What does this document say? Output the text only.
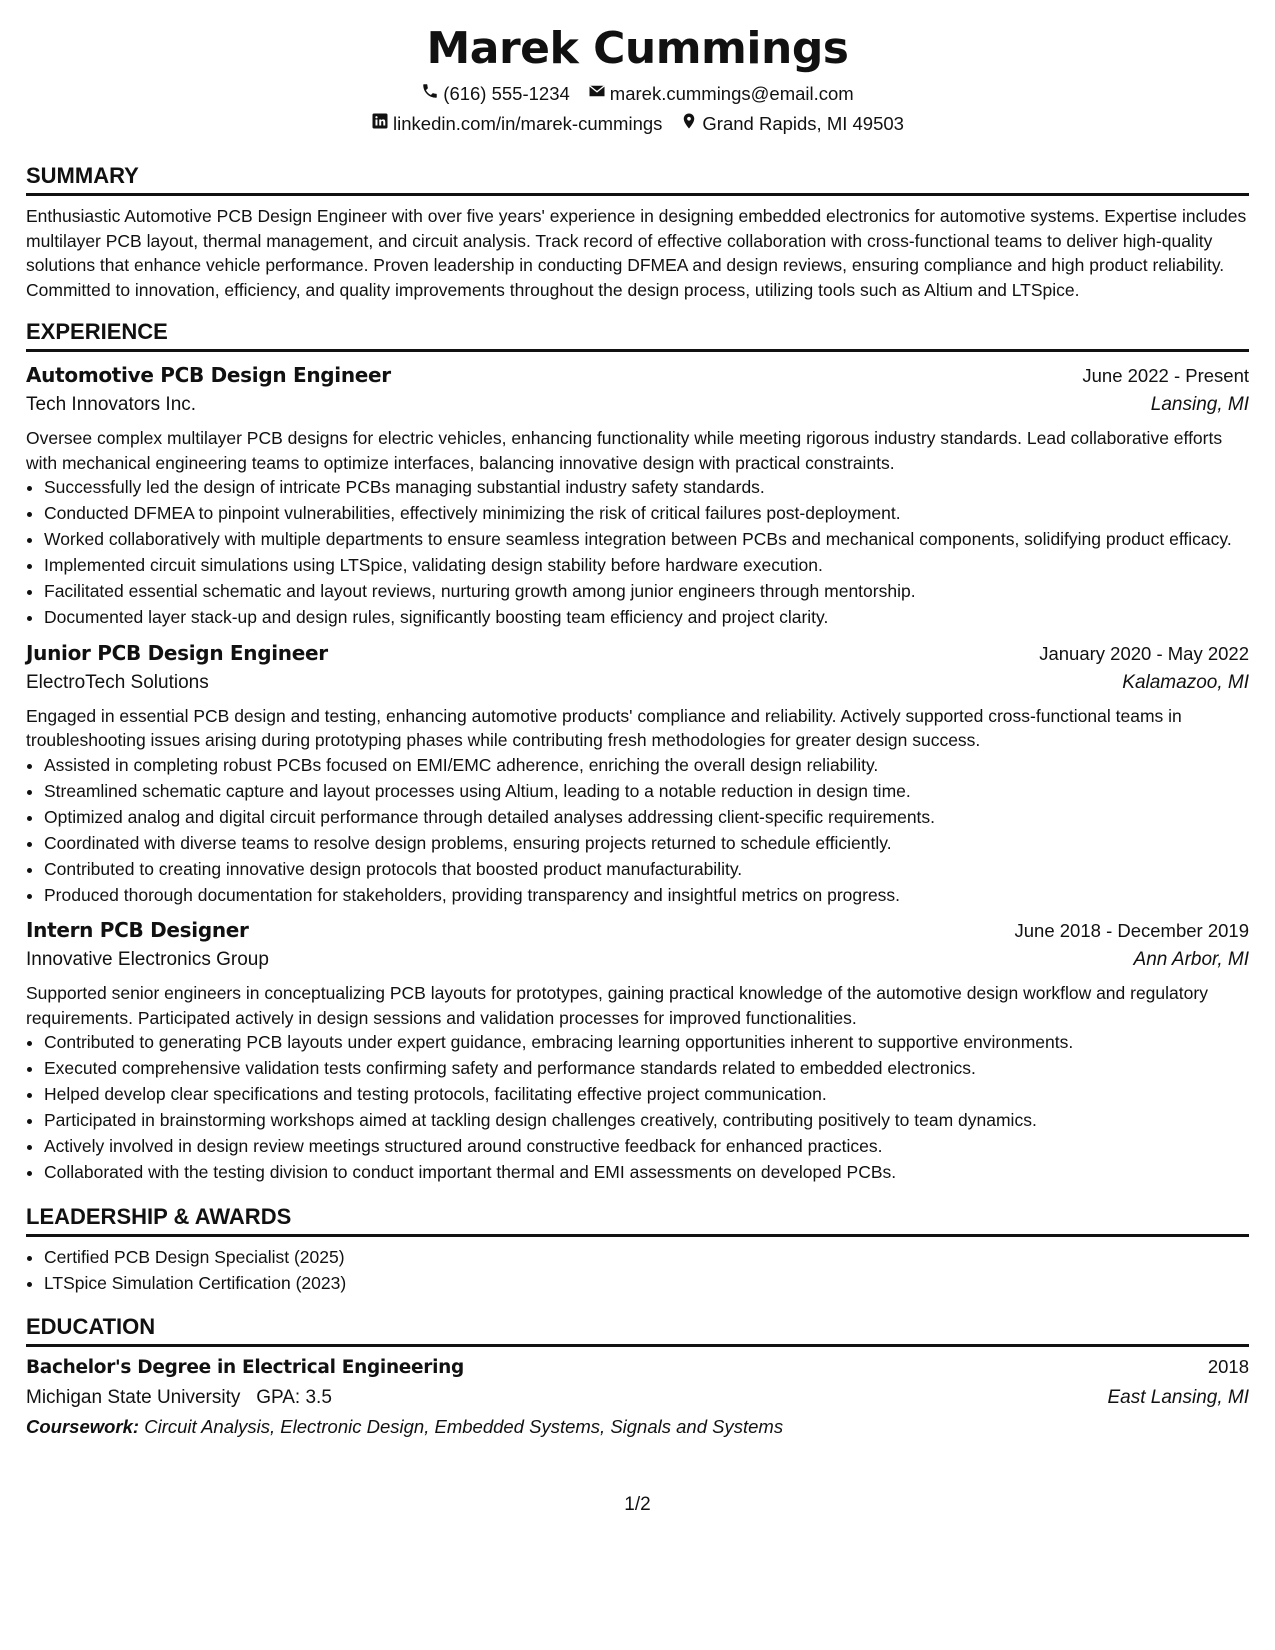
Marek Cummings
(616) 555-1234 marek.cummings@email.com
linkedin.com/in/marek-cummings Grand Rapids, MI 49503
SUMMARY

Enthusiastic Automotive PCB Design Engineer with over five years' experience in designing embedded electronics for automotive systems. Expertise includes multilayer PCB layout, thermal management, and circuit analysis. Track record of effective collaboration with cross-functional teams to deliver high-quality solutions that enhance vehicle performance. Proven leadership in conducting DFMEA and design reviews, ensuring compliance and high product reliability. Committed to innovation, efficiency, and quality improvements throughout the design process, utilizing tools such as Altium and LTSpice.

EXPERIENCE
Automotive PCB Design Engineer	June 2022 - Present
Tech Innovators Inc.	Lansing, MI
Oversee complex multilayer PCB designs for electric vehicles, enhancing functionality while meeting rigorous industry standards. Lead collaborative efforts with mechanical engineering teams to optimize interfaces, balancing innovative design with practical constraints.
• Successfully led the design of intricate PCBs managing substantial industry safety standards.
• Conducted DFMEA to pinpoint vulnerabilities, effectively minimizing the risk of critical failures post-deployment.
• Worked collaboratively with multiple departments to ensure seamless integration between PCBs and mechanical components, solidifying product efficacy.
• Implemented circuit simulations using LTSpice, validating design stability before hardware execution.
• Facilitated essential schematic and layout reviews, nurturing growth among junior engineers through mentorship.
• Documented layer stack-up and design rules, significantly boosting team efficiency and project clarity.
Junior PCB Design Engineer	January 2020 - May 2022
ElectroTech Solutions	Kalamazoo, MI
Engaged in essential PCB design and testing, enhancing automotive products' compliance and reliability. Actively supported cross-functional teams in troubleshooting issues arising during prototyping phases while contributing fresh methodologies for greater design success.
• Assisted in completing robust PCBs focused on EMI/EMC adherence, enriching the overall design reliability.
• Streamlined schematic capture and layout processes using Altium, leading to a notable reduction in design time.
• Optimized analog and digital circuit performance through detailed analyses addressing client-specific requirements.
• Coordinated with diverse teams to resolve design problems, ensuring projects returned to schedule efficiently.
• Contributed to creating innovative design protocols that boosted product manufacturability.
• Produced thorough documentation for stakeholders, providing transparency and insightful metrics on progress.
Intern PCB Designer	June 2018 - December 2019
Innovative Electronics Group	Ann Arbor, MI
Supported senior engineers in conceptualizing PCB layouts for prototypes, gaining practical knowledge of the automotive design workflow and regulatory requirements. Participated actively in design sessions and validation processes for improved functionalities.
• Contributed to generating PCB layouts under expert guidance, embracing learning opportunities inherent to supportive environments.
• Executed comprehensive validation tests confirming safety and performance standards related to embedded electronics.
• Helped develop clear specifications and testing protocols, facilitating effective project communication.
• Participated in brainstorming workshops aimed at tackling design challenges creatively, contributing positively to team dynamics.
• Actively involved in design review meetings structured around constructive feedback for enhanced practices.
• Collaborated with the testing division to conduct important thermal and EMI assessments on developed PCBs.
LEADERSHIP & AWARDS
• Certified PCB Design Specialist (2025)
• LTSpice Simulation Certification (2023)
EDUCATION
Bachelor's Degree in Electrical Engineering	2018
Michigan State University GPA: 3.5	East Lansing, MI
Coursework: Circuit Analysis, Electronic Design, Embedded Systems, Signals and Systems
1/2
